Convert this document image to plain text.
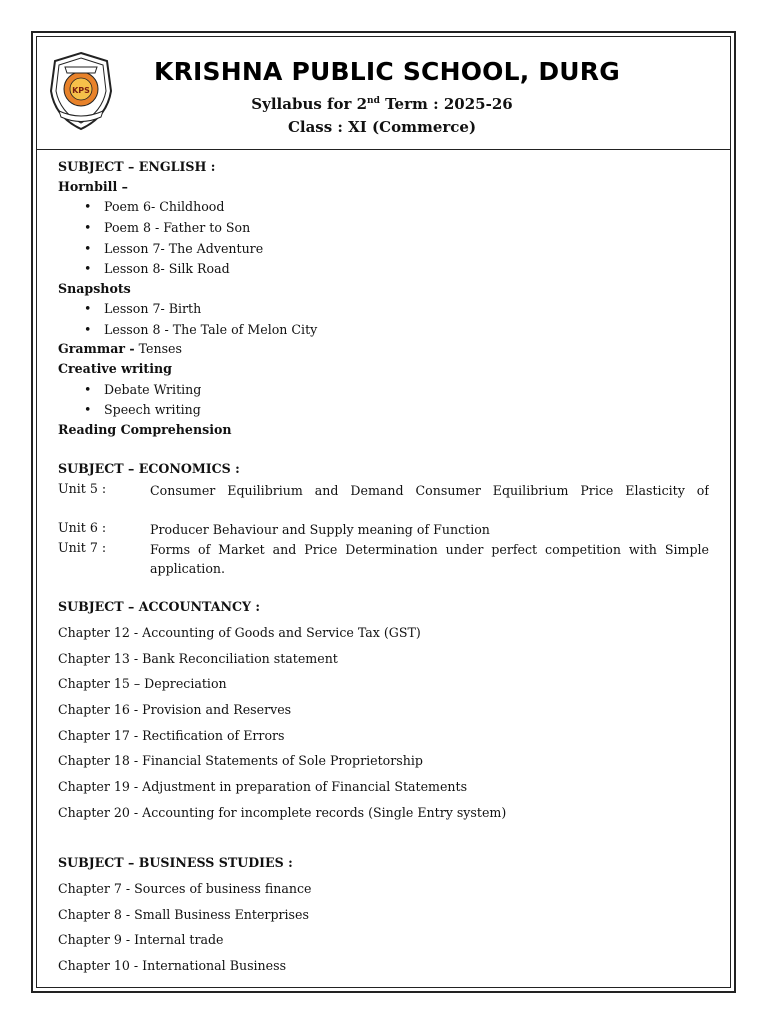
KPS
KRISHNA PUBLIC SCHOOL, DURG
Syllabus for 2nd Term : 2025-26
Class : XI (Commerce)
SUBJECT – ENGLISH :
Hornbill –
• Poem 6- Childhood
• Poem 8 - Father to Son
• Lesson 7- The Adventure
• Lesson 8- Silk Road
Snapshots
• Lesson 7- Birth
• Lesson 8 - The Tale of Melon City
Grammar - Tenses
Creative writing
• Debate Writing
• Speech writing
Reading Comprehension
SUBJECT – ECONOMICS :
Unit 5 :	Consumer Equilibrium and Demand Consumer Equilibrium Price Elasticity of
Unit 6 :	Producer Behaviour and Supply meaning of Function
Unit 7 :	Forms of Market and Price Determination under perfect competition with Simple application.
SUBJECT – ACCOUNTANCY :
Chapter 12 - Accounting of Goods and Service Tax (GST)
Chapter 13 - Bank Reconciliation statement
Chapter 15 – Depreciation
Chapter 16 - Provision and Reserves
Chapter 17 - Rectification of Errors
Chapter 18 - Financial Statements of Sole Proprietorship
Chapter 19 - Adjustment in preparation of Financial Statements
Chapter 20 - Accounting for incomplete records (Single Entry system)
SUBJECT – BUSINESS STUDIES :
Chapter 7 - Sources of business finance
Chapter 8 - Small Business Enterprises
Chapter 9 - Internal trade
Chapter 10 - International Business
